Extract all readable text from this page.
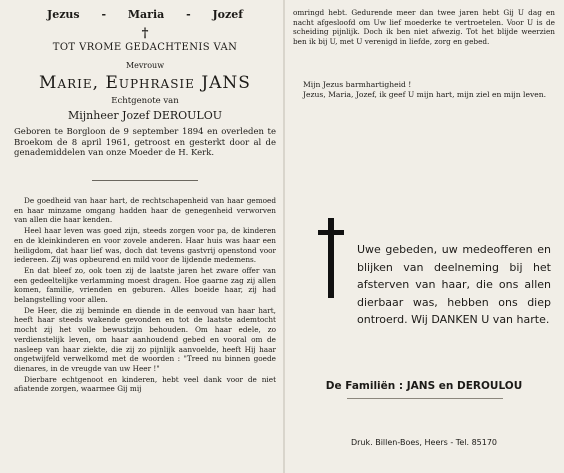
Jezus - Maria - Jozef
†
TOT VROME GEDACHTENIS VAN
Mevrouw
Marie, Euphrasie JANS
Echtgenote van
Mijnheer Jozef DEROULOU
Geboren te Borgloon de 9 september 1894 en overleden te Broekom de 8 april 1961, getroost en gesterkt door al de genademiddelen van onze Moeder de H. Kerk.

De goedheid van haar hart, de rechtschapenheid van haar gemoed en haar minzame omgang hadden haar de genegenheid verworven van allen die haar kenden.

Heel haar leven was goed zijn, steeds zorgen voor pa, de kinderen en de kleinkinderen en voor zovele anderen. Haar huis was haar een heiligdom, dat haar lief was, doch dat tevens gastvrij openstond voor iedereen. Zij was opbeurend en mild voor de lijdende medemens.

En dat bleef zo, ook toen zij de laatste jaren het zware offer van een gedeeltelijke verlamming moest dragen. Hoe gaarne zag zij allen komen, familie, vrienden en geburen. Alles boeide haar, zij had belangstelling voor allen.

De Heer, die zij beminde en diende in de eenvoud van haar hart, heeft haar steeds wakende gevonden en tot de laatste ademtocht mocht zij het volle bewustzijn behouden. Om haar edele, zo verdienstelijk leven, om haar aanhoudend gebed en vooral om de nasleep van haar ziekte, die zij zo pijnlijk aanvoelde, heeft Hij haar ongetwijfeld verwelkomd met de woorden : "Treed nu binnen goede dienares, in de vreugde van uw Heer !"

Dierbare echtgenoot en kinderen, hebt veel dank voor de niet afiatende zorgen, waarmee Gij mij

omringd hebt. Gedurende meer dan twee jaren hebt Gij U dag en nacht afgesloofd om Uw lief moederke te vertroetelen. Voor U is de scheiding pijnlijk. Doch ik ben niet afwezig. Tot het blijde weerzien ben ik bij U, met U verenigd in liefde, zorg en gebed.
Mijn Jezus barmhartigheid !
Jezus, Maria, Jozef, ik geef U mijn hart, mijn ziel en mijn leven.
Uwe gebeden, uw medeofferen en blijken van deelneming bij het afsterven van haar, die ons allen dierbaar was, hebben ons diep ontroerd. Wij DANKEN U van harte.
De Familiën : JANS en DEROULOU
Druk. Billen-Boes, Heers - Tel. 85170
